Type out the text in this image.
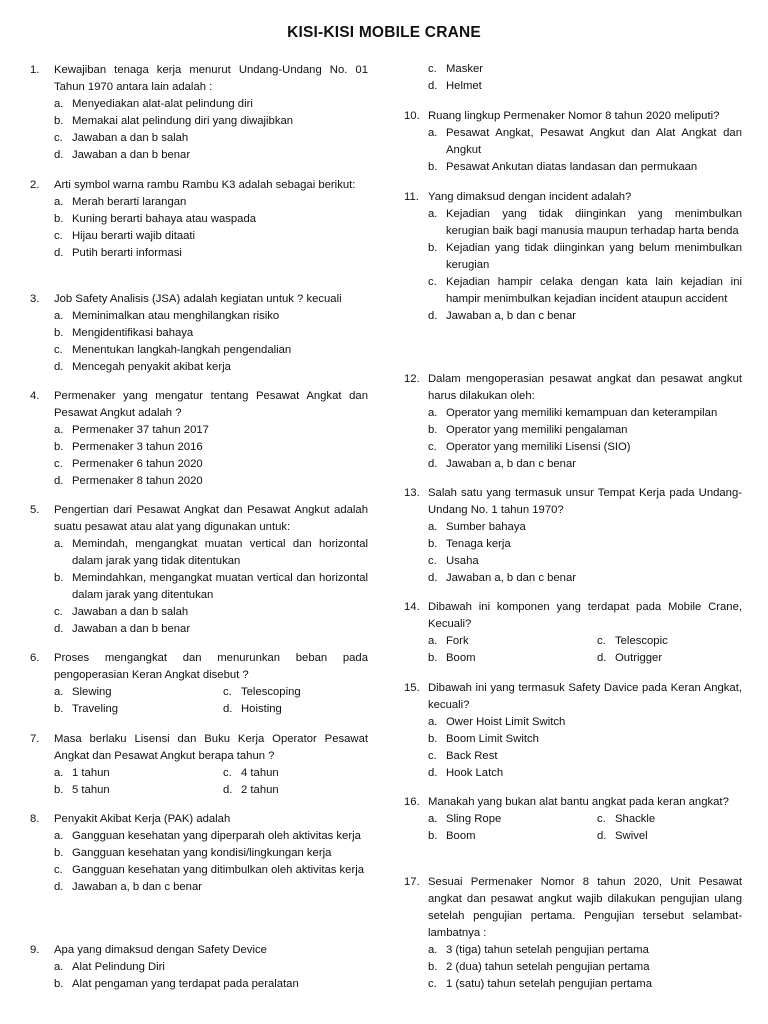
KISI-KISI MOBILE CRANE
1. Kewajiban tenaga kerja menurut Undang-Undang No. 01 Tahun 1970 antara lain adalah :
a. Menyediakan alat-alat pelindung diri
b. Memakai alat pelindung diri yang diwajibkan
c. Jawaban a dan b salah
d. Jawaban a dan b benar
2. Arti symbol warna rambu Rambu K3 adalah sebagai berikut:
a. Merah berarti larangan
b. Kuning berarti bahaya atau waspada
c. Hijau berarti wajib ditaati
d. Putih berarti informasi
3. Job Safety Analisis (JSA) adalah kegiatan untuk ? kecuali
a. Meminimalkan atau menghilangkan risiko
b. Mengidentifikasi bahaya
c. Menentukan langkah-langkah pengendalian
d. Mencegah penyakit akibat kerja
4. Permenaker yang mengatur tentang Pesawat Angkat dan Pesawat Angkut adalah ?
a. Permenaker 37 tahun 2017
b. Permenaker 3 tahun 2016
c. Permenaker 6 tahun 2020
d. Permenaker 8 tahun 2020
5. Pengertian dari Pesawat Angkat dan Pesawat Angkut adalah suatu pesawat atau alat yang digunakan untuk:
a. Memindah, mengangkat muatan vertical dan horizontal dalam jarak yang tidak ditentukan
b. Memindahkan, mengangkat muatan vertical dan horizontal dalam jarak yang ditentukan
c. Jawaban a dan b salah
d. Jawaban a dan b benar
6. Proses mengangkat dan menurunkan beban pada pengoperasian Keran Angkat disebut ?
a. Slewing	c. Telescoping
b. Traveling	d. Hoisting
7. Masa berlaku Lisensi dan Buku Kerja Operator Pesawat Angkat dan Pesawat Angkut berapa tahun ?
a. 1 tahun	c. 4 tahun
b. 5 tahun	d. 2 tahun
8. Penyakit Akibat Kerja (PAK) adalah
a. Gangguan kesehatan yang diperparah oleh aktivitas kerja
b. Gangguan kesehatan yang kondisi/lingkungan kerja
c. Gangguan kesehatan yang ditimbulkan oleh aktivitas kerja
d. Jawaban a, b dan c benar
9. Apa yang dimaksud dengan Safety Device
a. Alat Pelindung Diri
b. Alat pengaman yang terdapat pada peralatan
c. Masker
d. Helmet
10. Ruang lingkup Permenaker Nomor 8 tahun 2020 meliputi?
a. Pesawat Angkat, Pesawat Angkut dan Alat Angkat dan Angkut
b. Pesawat Ankutan diatas landasan dan permukaan
11. Yang dimaksud dengan incident adalah?
a. Kejadian yang tidak diinginkan yang menimbulkan kerugian baik bagi manusia maupun terhadap harta benda
b. Kejadian yang tidak diinginkan yang belum menimbulkan kerugian
c. Kejadian hampir celaka dengan kata lain kejadian ini hampir menimbulkan kejadian incident ataupun accident
d. Jawaban a, b dan c benar
12. Dalam mengoperasian pesawat angkat dan pesawat angkut harus dilakukan oleh:
a. Operator yang memiliki kemampuan dan keterampilan
b. Operator yang memiliki pengalaman
c. Operator yang memiliki Lisensi (SIO)
d. Jawaban a, b dan c benar
13. Salah satu yang termasuk unsur Tempat Kerja pada Undang-Undang No. 1 tahun 1970?
a. Sumber bahaya
b. Tenaga kerja
c. Usaha
d. Jawaban a, b dan c benar
14. Dibawah ini komponen yang terdapat pada Mobile Crane, Kecuali?
a. Fork	c. Telescopic
b. Boom	d. Outrigger
15. Dibawah ini yang termasuk Safety Davice pada Keran Angkat, kecuali?
a. Ower Hoist Limit Switch
b. Boom Limit Switch
c. Back Rest
d. Hook Latch
16. Manakah yang bukan alat bantu angkat pada keran angkat?
a. Sling Rope	c. Shackle
b. Boom	d. Swivel
17. Sesuai Permenaker Nomor 8 tahun 2020, Unit Pesawat angkat dan pesawat angkut wajib dilakukan pengujian ulang setelah pengujian pertama. Pengujian tersebut selambat-lambatnya :
a. 3 (tiga) tahun setelah pengujian pertama
b. 2 (dua) tahun setelah pengujian pertama
c. 1 (satu) tahun setelah pengujian pertama
